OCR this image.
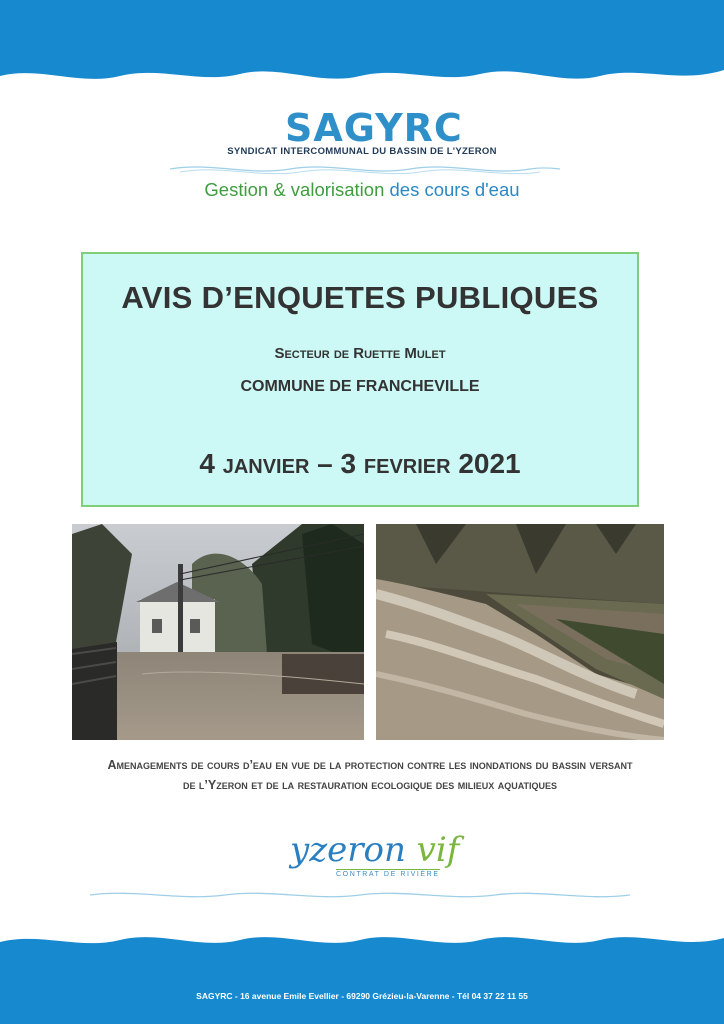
SAGYRC
SYNDICAT INTERCOMMUNAL DU BASSIN DE L'YZERON
Gestion & valorisation des cours d'eau
AVIS D’ENQUETES PUBLIQUES
Secteur de Ruette Mulet
COMMUNE DE FRANCHEVILLE
4 janvier – 3 fevrier 2021
Amenagements de cours d’eau en vue de la protection contre les inondations du bassin versant de l’Yzeron et de la restauration ecologique des milieux aquatiques
yzeron vif
CONTRAT DE RIVIÈRE
SAGYRC - 16 avenue Emile Evellier - 69290 Grézieu-la-Varenne - Tél 04 37 22 11 55
